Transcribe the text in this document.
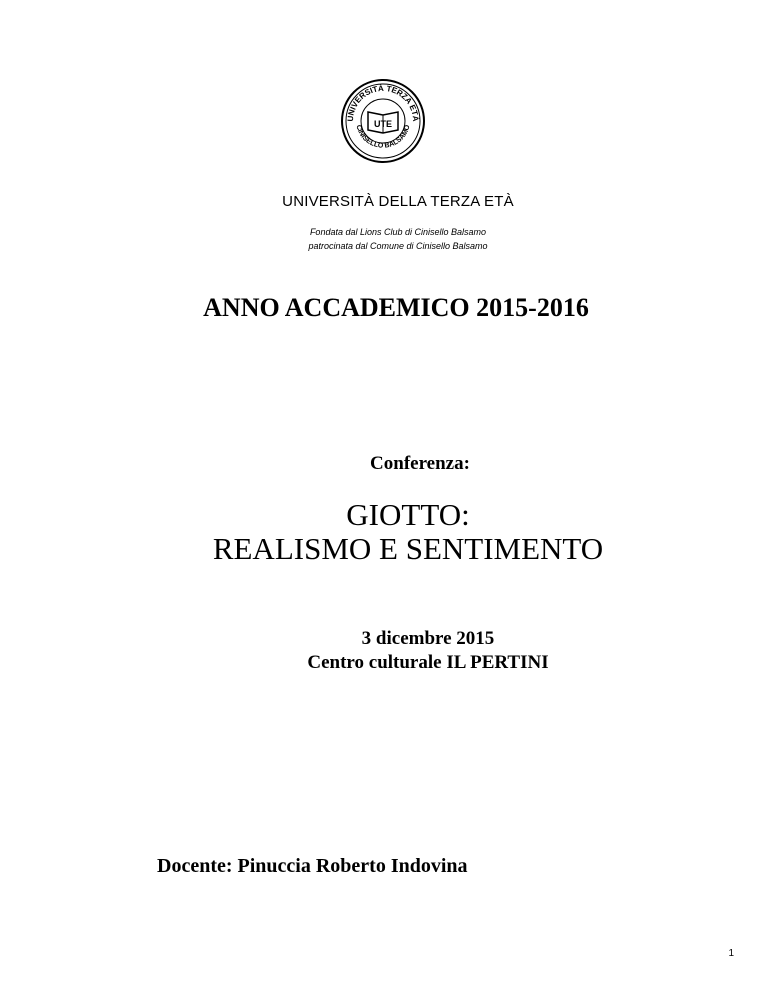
UNIVERSITÀ TERZA ETÀ
CINISELLO BALSAMO
UTE
UNIVERSITÀ DELLA TERZA ETÀ
Fondata dal Lions Club di Cinisello Balsamo
patrocinata dal Comune di Cinisello Balsamo
ANNO ACCADEMICO 2015-2016
Conferenza:
GIOTTO:
REALISMO E SENTIMENTO
3 dicembre 2015
Centro culturale IL PERTINI
Docente: Pinuccia Roberto Indovina
1
